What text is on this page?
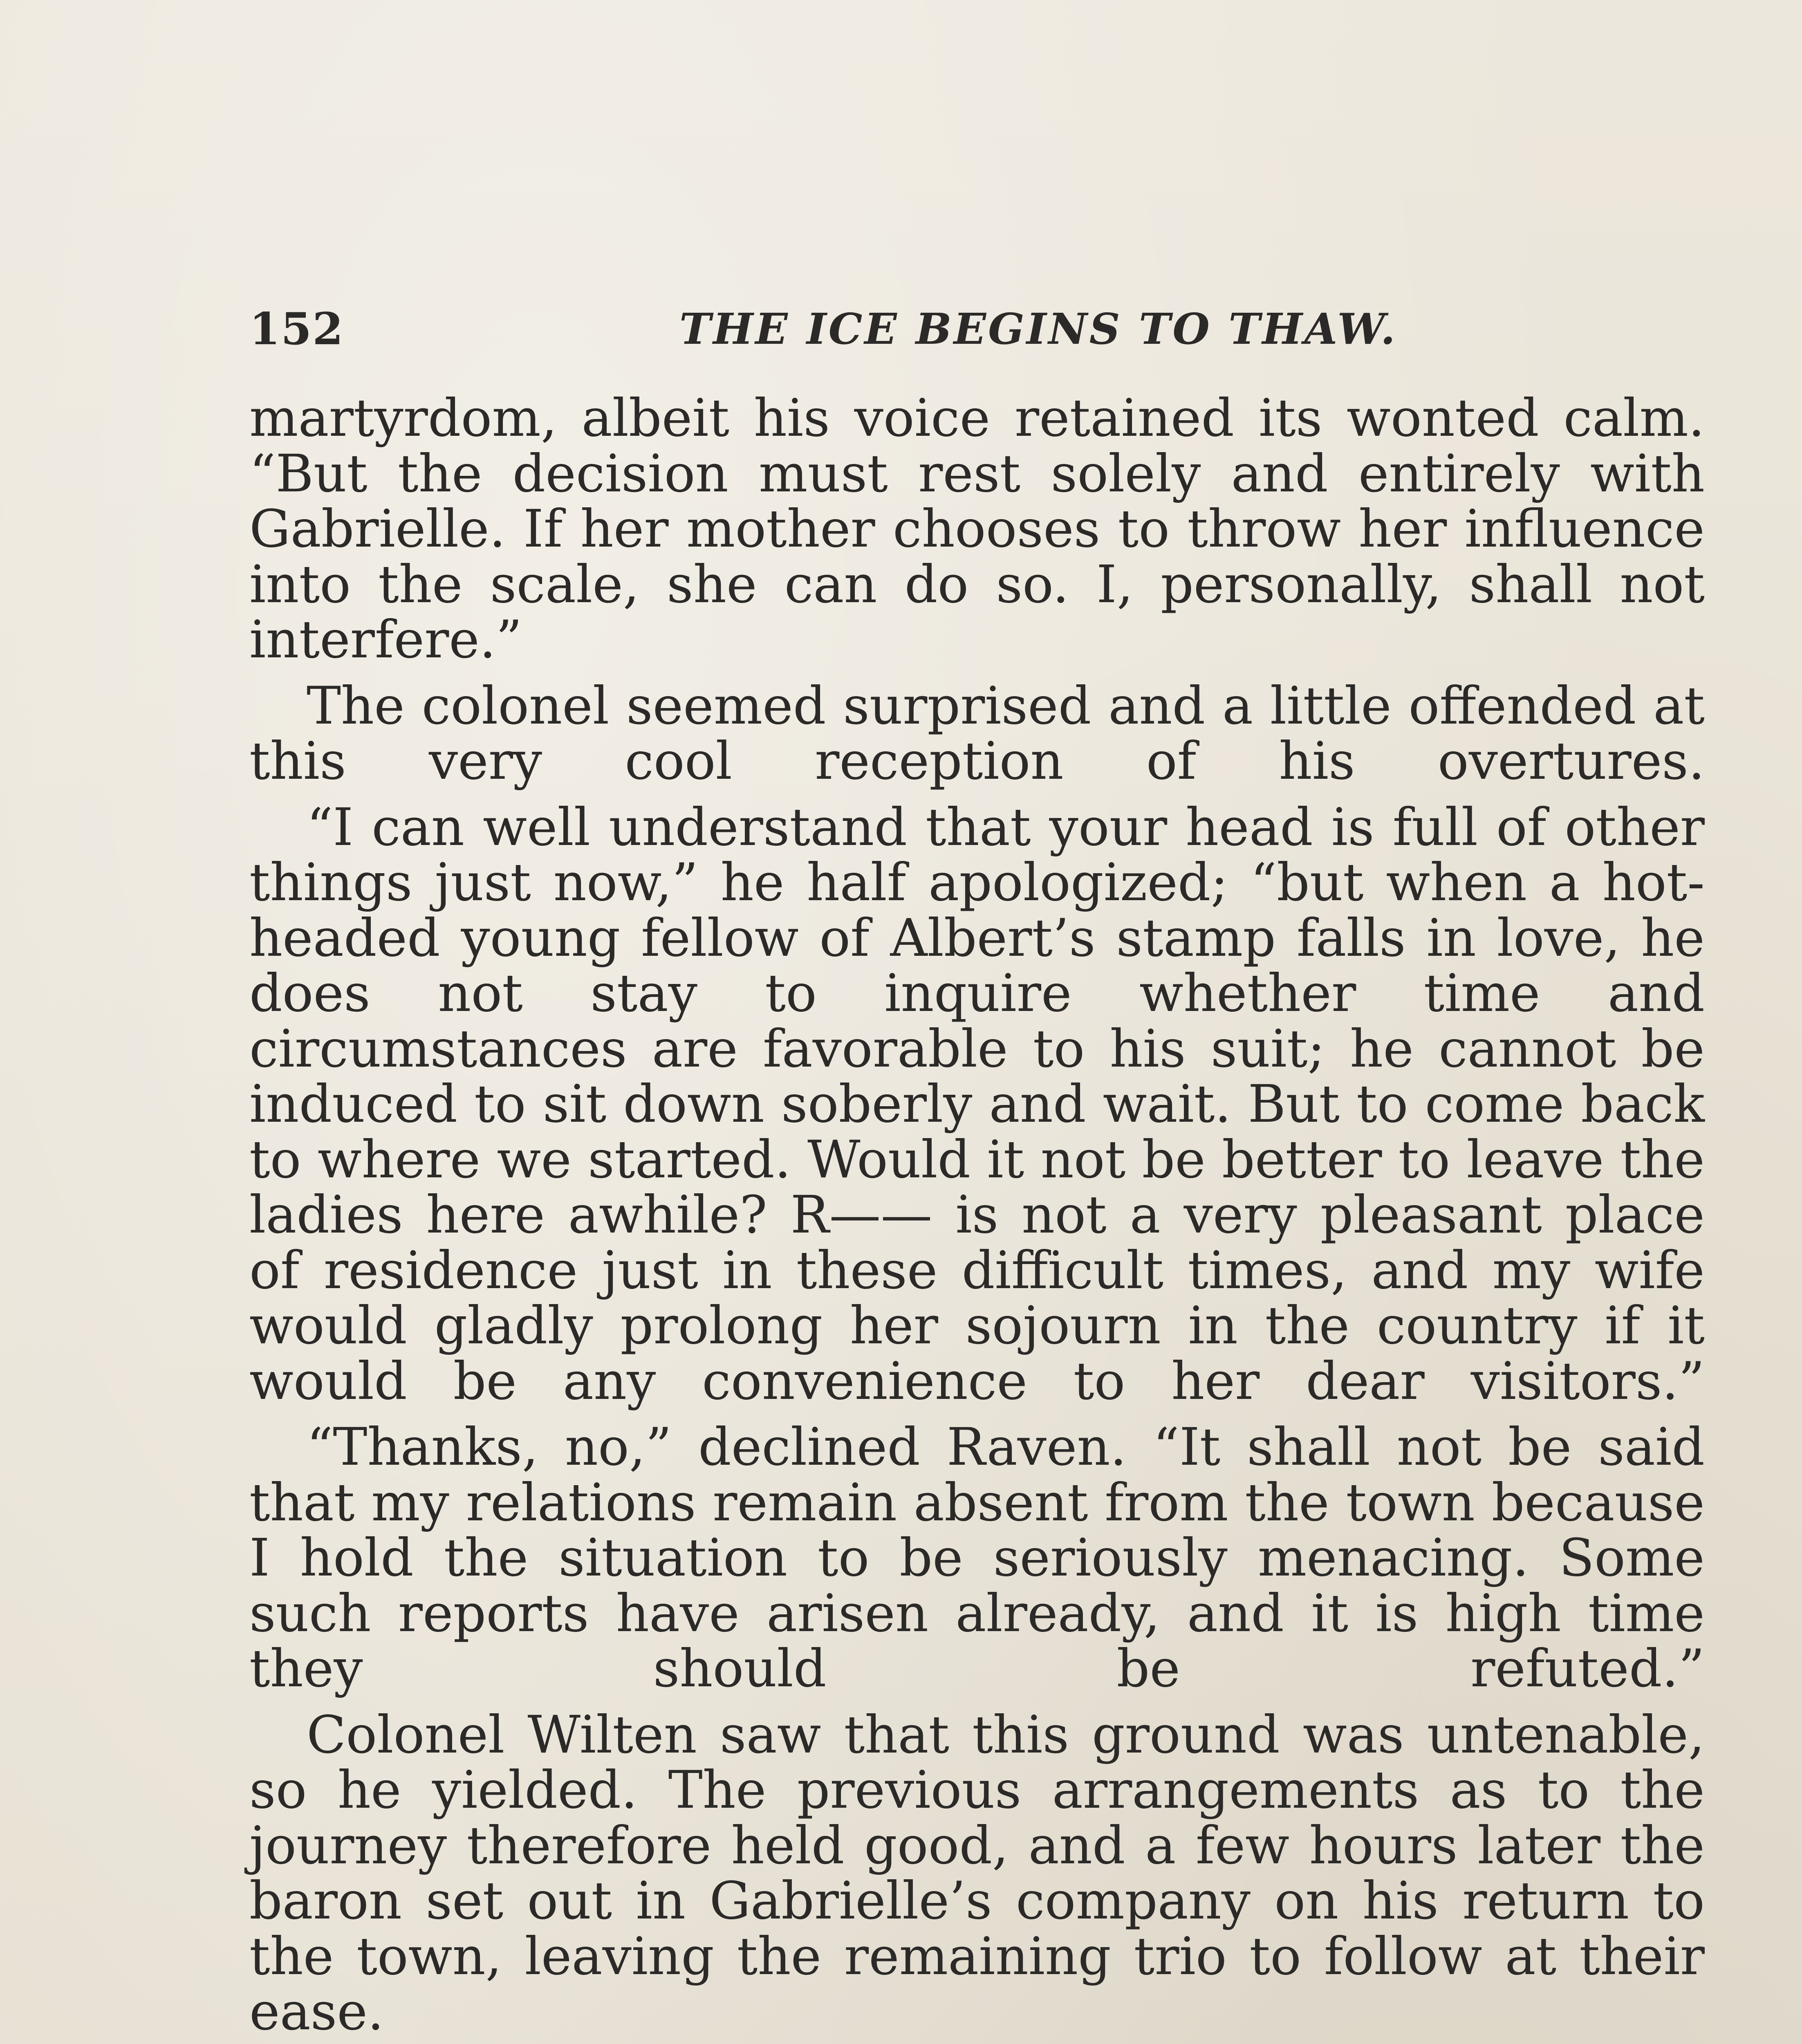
152	THE ICE BEGINS TO THAW.

martyrdom, albeit his voice retained its wonted calm. “But the decision must rest solely and entirely with Gabrielle. If her mother chooses to throw her influence into the scale, she can do so. I, personally, shall not interfere.”

The colonel seemed surprised and a little offended at this very cool reception of his overtures.

“I can well understand that your head is full of other things just now,” he half apologized; “but when a hot-headed young fellow of Albert’s stamp falls in love, he does not stay to inquire whether time and circumstances are favorable to his suit; he cannot be induced to sit down soberly and wait. But to come back to where we started. Would it not be better to leave the ladies here awhile? R—— is not a very pleasant place of residence just in these difficult times, and my wife would gladly prolong her sojourn in the country if it would be any convenience to her dear visitors.”

“Thanks, no,” declined Raven. “It shall not be said that my relations remain absent from the town because I hold the situation to be seriously menacing. Some such reports have arisen already, and it is high time they should be refuted.”

Colonel Wilten saw that this ground was untenable, so he yielded. The previous arrangements as to the journey therefore held good, and a few hours later the baron set out in Gabrielle’s company on his return to the town, leaving the remaining trio to follow at their ease.
